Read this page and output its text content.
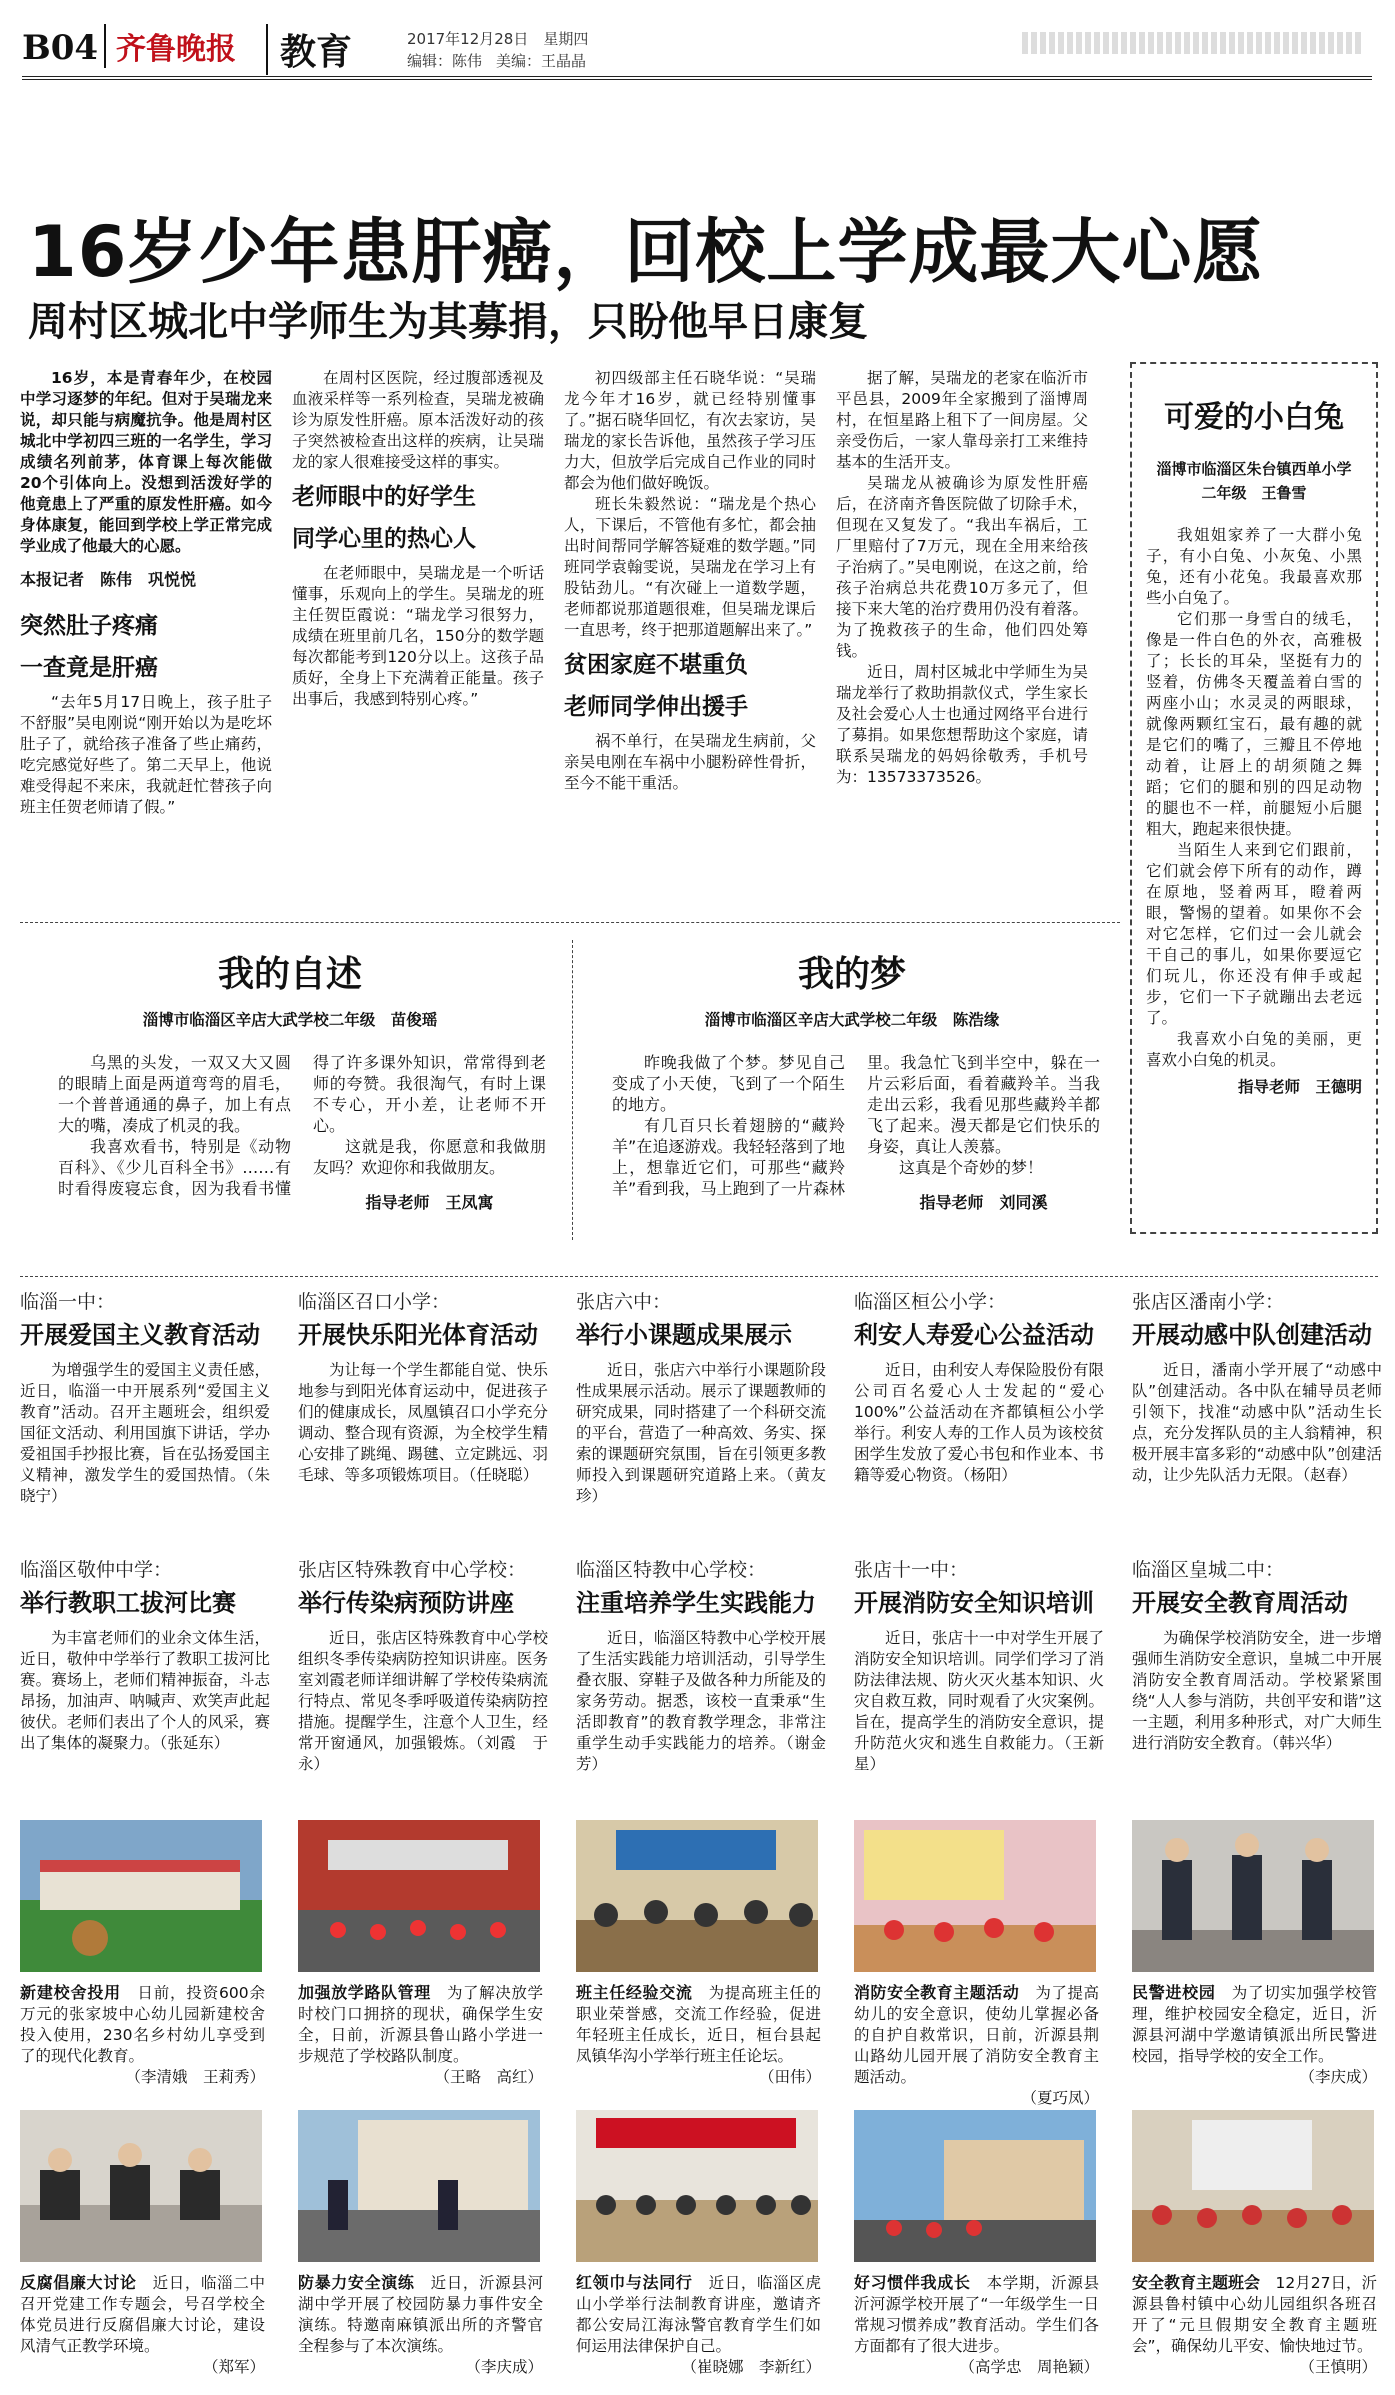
B04 齐鲁晚报	教育	2017年12月28日　星期四
编辑：陈伟 美编：王晶晶
16岁少年患肝癌，回校上学成最大心愿
周村区城北中学师生为其募捐，只盼他早日康复

16岁，本是青春年少，在校园中学习逐梦的年纪。但对于吴瑞龙来说，却只能与病魔抗争。他是周村区城北中学初四三班的一名学生，学习成绩名列前茅，体育课上每次能做20个引体向上。没想到活泼好学的他竟患上了严重的原发性肝癌。如今身体康复，能回到学校上学正常完成学业成了他最大的心愿。

本报记者　陈伟　巩悦悦

突然肚子疼痛

一查竟是肝癌

“去年5月17日晚上，孩子肚子不舒服”吴电刚说“刚开始以为是吃坏肚子了，就给孩子准备了些止痛药，吃完感觉好些了。第二天早上，他说难受得起不来床，我就赶忙替孩子向班主任贺老师请了假。”

在周村区医院，经过腹部透视及血液采样等一系列检查，吴瑞龙被确诊为原发性肝癌。原本活泼好动的孩子突然被检查出这样的疾病，让吴瑞龙的家人很难接受这样的事实。

老师眼中的好学生

同学心里的热心人

在老师眼中，吴瑞龙是一个听话懂事，乐观向上的学生。吴瑞龙的班主任贺臣霞说：“瑞龙学习很努力，成绩在班里前几名，150分的数学题每次都能考到120分以上。这孩子品质好，全身上下充满着正能量。孩子出事后，我感到特别心疼。”

初四级部主任石晓华说：“吴瑞龙今年才16岁，就已经特别懂事了。”据石晓华回忆，有次去家访，吴瑞龙的家长告诉他，虽然孩子学习压力大，但放学后完成自己作业的同时都会为他们做好晚饭。

班长朱毅然说：“瑞龙是个热心人，下课后，不管他有多忙，都会抽出时间帮同学解答疑难的数学题。”同班同学袁翰雯说，吴瑞龙在学习上有股钻劲儿。“有次碰上一道数学题，老师都说那道题很难，但吴瑞龙课后一直思考，终于把那道题解出来了。”

贫困家庭不堪重负

老师同学伸出援手

祸不单行，在吴瑞龙生病前，父亲吴电刚在车祸中小腿粉碎性骨折，至今不能干重活。

据了解，吴瑞龙的老家在临沂市平邑县，2009年全家搬到了淄博周村，在恒星路上租下了一间房屋。父亲受伤后，一家人靠母亲打工来维持基本的生活开支。

吴瑞龙从被确诊为原发性肝癌后，在济南齐鲁医院做了切除手术，但现在又复发了。“我出车祸后，工厂里赔付了7万元，现在全用来给孩子治病了。”吴电刚说，在这之前，给孩子治病总共花费10万多元了，但接下来大笔的治疗费用仍没有着落。为了挽救孩子的生命，他们四处筹钱。

近日，周村区城北中学师生为吴瑞龙举行了救助捐款仪式，学生家长及社会爱心人士也通过网络平台进行了募捐。如果您想帮助这个家庭，请联系吴瑞龙的妈妈徐敬秀，手机号为：13573373526。

可爱的小白兔
淄博市临淄区朱台镇西单小学
二年级　王鲁雪

我姐姐家养了一大群小兔子，有小白兔、小灰兔、小黑兔，还有小花兔。我最喜欢那些小白兔了。

它们那一身雪白的绒毛，像是一件白色的外衣，高雅极了；长长的耳朵，坚挺有力的竖着，仿佛冬天覆盖着白雪的两座小山；水灵灵的两眼球，就像两颗红宝石，最有趣的就是它们的嘴了，三瓣且不停地动着，让唇上的胡须随之舞蹈；它们的腿和别的四足动物的腿也不一样，前腿短小后腿粗大，跑起来很快捷。

当陌生人来到它们跟前，它们就会停下所有的动作，蹲在原地，竖着两耳，瞪着两眼，警惕的望着。如果你不会对它怎样，它们过一会儿就会干自己的事儿，如果你要逗它们玩儿，你还没有伸手或起步，它们一下子就蹦出去老远了。

我喜欢小白兔的美丽，更喜欢小白兔的机灵。

指导老师　王德明
我的自述
淄博市临淄区辛店大武学校二年级　苗俊瑶

乌黑的头发，一双又大又圆的眼睛上面是两道弯弯的眉毛，一个普普通通的鼻子，加上有点大的嘴，凑成了机灵的我。

我喜欢看书，特别是《动物百科》、《少儿百科全书》……有时看得废寝忘食，因为我看书懂得了许多课外知识，常常得到老师的夸赞。我很淘气，有时上课不专心，开小差，让老师不开心。

这就是我，你愿意和我做朋友吗？欢迎你和我做朋友。

指导老师　王凤寓
我的梦
淄博市临淄区辛店大武学校二年级　陈浩缘

昨晚我做了个梦。梦见自己变成了小天使，飞到了一个陌生的地方。

有几百只长着翅膀的“藏羚羊”在追逐游戏。我轻轻落到了地上，想靠近它们，可那些“藏羚羊”看到我，马上跑到了一片森林里。我急忙飞到半空中，躲在一片云彩后面，看着藏羚羊。当我走出云彩，我看见那些藏羚羊都飞了起来。漫天都是它们快乐的身姿，真让人羡慕。

这真是个奇妙的梦！

指导老师　刘同溪
临淄一中：
开展爱国主义教育活动

为增强学生的爱国主义责任感，近日，临淄一中开展系列“爱国主义教育”活动。召开主题班会，组织爱国征文活动、利用国旗下讲话，学办爱祖国手抄报比赛，旨在弘扬爱国主义精神，激发学生的爱国热情。（朱晓宁）

临淄区召口小学：
开展快乐阳光体育活动

为让每一个学生都能自觉、快乐地参与到阳光体育运动中，促进孩子们的健康成长，凤凰镇召口小学充分调动、整合现有资源，为全校学生精心安排了跳绳、踢毽、立定跳远、羽毛球、等多项锻炼项目。（任晓聪）

张店六中：
举行小课题成果展示

近日，张店六中举行小课题阶段性成果展示活动。展示了课题教师的研究成果，同时搭建了一个科研交流的平台，营造了一种高效、务实、探索的课题研究氛围，旨在引领更多教师投入到课题研究道路上来。（黄友珍）

临淄区桓公小学：
利安人寿爱心公益活动

近日，由利安人寿保险股份有限公司百名爱心人士发起的“爱心100%”公益活动在齐都镇桓公小学举行。利安人寿的工作人员为该校贫困学生发放了爱心书包和作业本、书籍等爱心物资。（杨阳）

张店区潘南小学：
开展动感中队创建活动

近日，潘南小学开展了“动感中队”创建活动。各中队在辅导员老师引领下，找准“动感中队”活动生长点，充分发挥队员的主人翁精神，积极开展丰富多彩的“动感中队”创建活动，让少先队活力无限。（赵春）

临淄区敬仲中学：
举行教职工拔河比赛

为丰富老师们的业余文体生活，近日，敬仲中学举行了教职工拔河比赛。赛场上，老师们精神振奋，斗志昂扬，加油声、呐喊声、欢笑声此起彼伏。老师们表出了个人的风采，赛出了集体的凝聚力。（张延东）

张店区特殊教育中心学校：
举行传染病预防讲座

近日，张店区特殊教育中心学校组织冬季传染病防控知识讲座。医务室刘霞老师详细讲解了学校传染病流行特点、常见冬季呼吸道传染病防控措施。提醒学生，注意个人卫生，经常开窗通风，加强锻炼。（刘霞　于永）

临淄区特教中心学校：
注重培养学生实践能力

近日，临淄区特教中心学校开展了生活实践能力培训活动，引导学生叠衣服、穿鞋子及做各种力所能及的家务劳动。据悉，该校一直秉承“生活即教育”的教育教学理念，非常注重学生动手实践能力的培养。（谢金芳）

张店十一中：
开展消防安全知识培训

近日，张店十一中对学生开展了消防安全知识培训。同学们学习了消防法律法规、防火灭火基本知识、火灾自救互救，同时观看了火灾案例。旨在，提高学生的消防安全意识，提升防范火灾和逃生自救能力。（王新星）

临淄区皇城二中：
开展安全教育周活动

为确保学校消防安全，进一步增强师生消防安全意识，皇城二中开展消防安全教育周活动。学校紧紧围绕“人人参与消防，共创平安和谐”这一主题，利用多种形式，对广大师生进行消防安全教育。（韩兴华）

新建校舍投用　 日前，投资600余万元的张家坡中心幼儿园新建校舍投入使用，230名乡村幼儿享受到了的现代化教育。
（李清娥　王莉秀）
加强放学路队管理　 为了解决放学时校门口拥挤的现状，确保学生安全，日前，沂源县鲁山路小学进一步规范了学校路队制度。
（王略　高红）
班主任经验交流　 为提高班主任的职业荣誉感，交流工作经验，促进年轻班主任成长，近日，桓台县起凤镇华沟小学举行班主任论坛。
（田伟）
消防安全教育主题活动　 为了提高幼儿的安全意识，使幼儿掌握必备的自护自救常识，日前，沂源县荆山路幼儿园开展了消防安全教育主题活动。
（夏巧凤）
民警进校园　 为了切实加强学校管理，维护校园安全稳定，近日，沂源县河湖中学邀请镇派出所民警进校园，指导学校的安全工作。
（李庆成）
反腐倡廉大讨论　 近日，临淄二中召开党建工作专题会，号召学校全体党员进行反腐倡廉大讨论，建设风清气正教学环境。
（郑军）
防暴力安全演练　 近日，沂源县河湖中学开展了校园防暴力事件安全演练。特邀南麻镇派出所的齐警官全程参与了本次演练。
（李庆成）
红领巾与法同行　 近日，临淄区虎山小学举行法制教育讲座，邀请齐都公安局江海泳警官教育学生们如何运用法律保护自己。
（崔晓娜　李新红）
好习惯伴我成长　 本学期，沂源县沂河源学校开展了“一年级学生一日常规习惯养成”教育活动。学生们各方面都有了很大进步。
（高学忠　周艳颖）
安全教育主题班会　 12月27日，沂源县鲁村镇中心幼儿园组织各班召开了“元旦假期安全教育主题班会”，确保幼儿平安、愉快地过节。
（王慎明）
